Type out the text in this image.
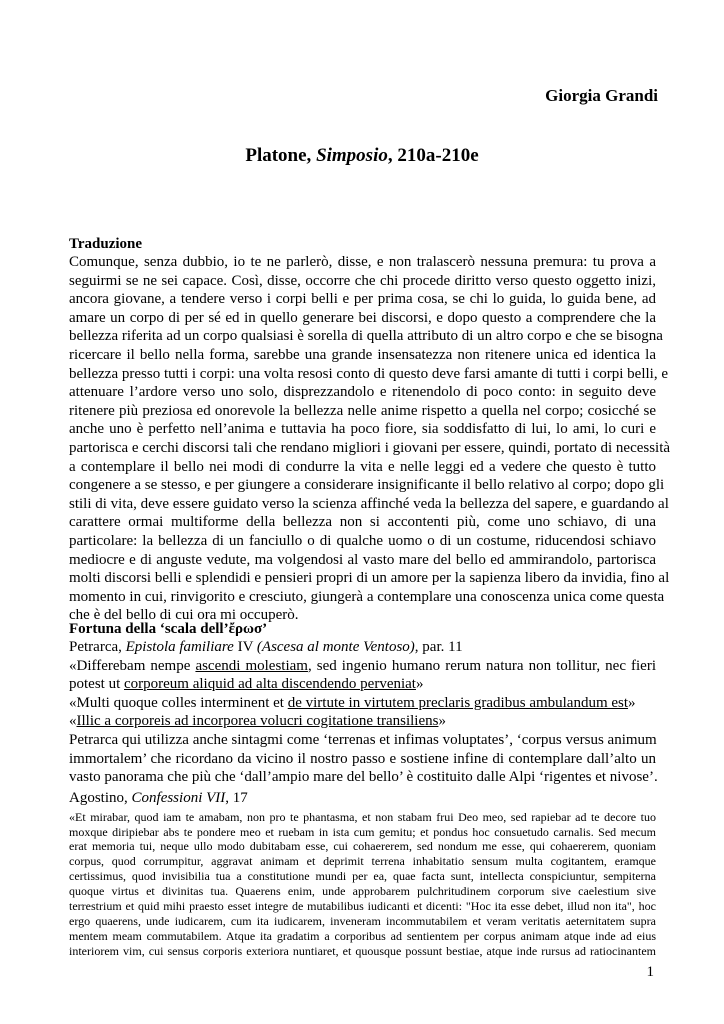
Giorgia Grandi
Platone, Simposio, 210a-210e
Traduzione
Comunque, senza dubbio, io te ne parlerò, disse, e non tralascerò nessuna premura: tu prova a
seguirmi se ne sei capace. Così, disse, occorre che chi procede diritto verso questo oggetto inizi,
ancora giovane, a tendere verso i corpi belli e per prima cosa, se chi lo guida, lo guida bene, ad
amare un corpo di per sé ed in quello generare bei discorsi, e dopo questo a comprendere che la
bellezza riferita ad un corpo qualsiasi è sorella di quella attributo di un altro corpo e che se bisogna
ricercare il bello nella forma, sarebbe una grande insensatezza non ritenere unica ed identica la
bellezza presso tutti i corpi: una volta resosi conto di questo deve farsi amante di tutti i corpi belli, e
attenuare l’ardore verso uno solo, disprezzandolo e ritenendolo di poco conto: in seguito deve
ritenere più preziosa ed onorevole la bellezza nelle anime rispetto a quella nel corpo; cosicché se
anche uno è perfetto nell’anima e tuttavia ha poco fiore, sia soddisfatto di lui, lo ami, lo curi e
partorisca e cerchi discorsi tali che rendano migliori i giovani per essere, quindi, portato di necessità
a contemplare il bello nei modi di condurre la vita e nelle leggi ed a vedere che questo è tutto
congenere a se stesso, e per giungere a considerare insignificante il bello relativo al corpo; dopo gli
stili di vita, deve essere guidato verso la scienza affinché veda la bellezza del sapere, e guardando al
carattere ormai multiforme della bellezza non si accontenti più, come uno schiavo, di una
particolare: la bellezza di un fanciullo o di qualche uomo o di un costume, riducendosi schiavo
mediocre e di anguste vedute, ma volgendosi al vasto mare del bello ed ammirandolo, partorisca
molti discorsi belli e splendidi e pensieri propri di un amore per la sapienza libero da invidia, fino al
momento in cui, rinvigorito e cresciuto, giungerà a contemplare una conoscenza unica come questa
che è del bello di cui ora mi occuperò.
Fortuna della ‘scala dell’ἔρωσ’
Petrarca, Epistola familiare IV (Ascesa al monte Ventoso), par. 11
«Differebam nempe ascendi molestiam, sed ingenio humano rerum natura non tollitur, nec fieri
potest ut corporeum aliquid ad alta discendendo perveniat»
«Multi quoque colles interminent et de virtute in virtutem preclaris gradibus ambulandum est»
«Illic a corporeis ad incorporea volucri cogitatione transiliens»
Petrarca qui utilizza anche sintagmi come ‘terrenas et infimas voluptates’, ‘corpus versus animum
immortalem’ che ricordano da vicino il nostro passo e sostiene infine di contemplare dall’alto un
vasto panorama che più che ‘dall’ampio mare del bello’ è costituito dalle Alpi ‘rigentes et nivose’.
Agostino, Confessioni VII, 17
«Et mirabar, quod iam te amabam, non pro te phantasma, et non stabam frui Deo meo, sed rapiebar ad te decore tuo
moxque diripiebar abs te pondere meo et ruebam in ista cum gemitu; et pondus hoc consuetudo carnalis. Sed mecum
erat memoria tui, neque ullo modo dubitabam esse, cui cohaererem, sed nondum me esse, qui cohaererem, quoniam
corpus, quod corrumpitur, aggravat animam et deprimit terrena inhabitatio sensum multa cogitantem, eramque
certissimus, quod invisibilia tua a constitutione mundi per ea, quae facta sunt, intellecta conspiciuntur, sempiterna
quoque virtus et divinitas tua. Quaerens enim, unde approbarem pulchritudinem corporum sive caelestium sive
terrestrium et quid mihi praesto esset integre de mutabilibus iudicanti et dicenti: "Hoc ita esse debet, illud non ita", hoc
ergo quaerens, unde iudicarem, cum ita iudicarem, inveneram incommutabilem et veram veritatis aeternitatem supra
mentem meam commutabilem. Atque ita gradatim a corporibus ad sentientem per corpus animam atque inde ad eius
interiorem vim, cui sensus corporis exteriora nuntiaret, et quousque possunt bestiae, atque inde rursus ad ratiocinantem
1
